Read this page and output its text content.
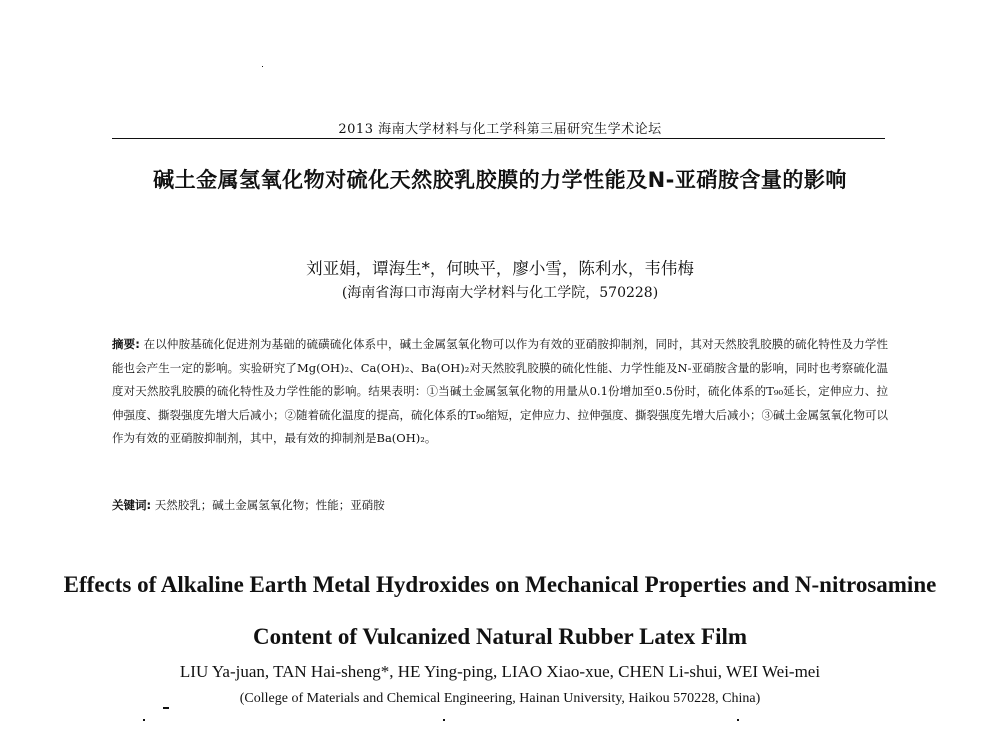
2013 海南大学材料与化工学科第三届研究生学术论坛
碱土金属氢氧化物对硫化天然胶乳胶膜的力学性能及N-亚硝胺含量的影响
刘亚娟，谭海生*，何映平，廖小雪，陈利水，韦伟梅
(海南省海口市海南大学材料与化工学院，570228)
摘要: 在以仲胺基硫化促进剂为基础的硫磺硫化体系中，碱土金属氢氧化物可以作为有效的亚硝胺抑制剂，同时，其对天然胶乳胶膜的硫化特性及力学性能也会产生一定的影响。实验研究了Mg(OH)₂、Ca(OH)₂、Ba(OH)₂对天然胶乳胶膜的硫化性能、力学性能及N-亚硝胺含量的影响，同时也考察硫化温度对天然胶乳胶膜的硫化特性及力学性能的影响。结果表明：①当碱土金属氢氧化物的用量从0.1份增加至0.5份时，硫化体系的T₉₀延长，定伸应力、拉伸强度、撕裂强度先增大后减小；②随着硫化温度的提高，硫化体系的T₉₀缩短，定伸应力、拉伸强度、撕裂强度先增大后减小；③碱土金属氢氧化物可以作为有效的亚硝胺抑制剂，其中，最有效的抑制剂是Ba(OH)₂。
关键词: 天然胶乳；碱土金属氢氧化物；性能；亚硝胺
Effects of Alkaline Earth Metal Hydroxides on Mechanical Properties and N-nitrosamine Content of Vulcanized Natural Rubber Latex Film
LIU Ya-juan, TAN Hai-sheng*, HE Ying-ping, LIAO Xiao-xue, CHEN Li-shui, WEI Wei-mei
(College of Materials and Chemical Engineering, Hainan University, Haikou 570228, China)
